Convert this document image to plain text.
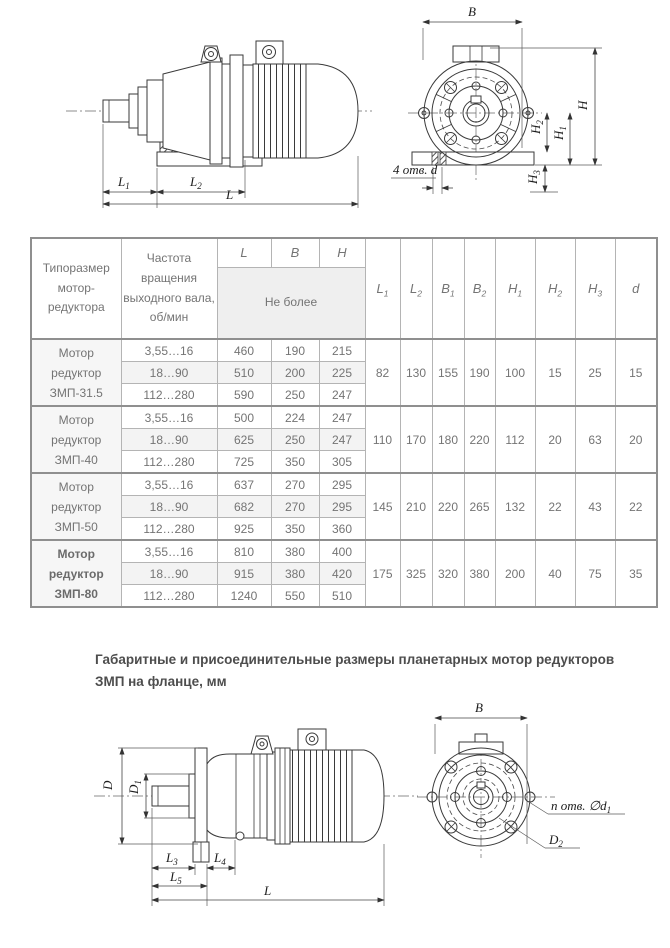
$L_1$	$L_2$
L
B
H
$H_1$
$H_2$
$H_3$
4 отв. d
Типоразмер мотор-редуктора	Частота вращения выходного вала, об/мин	L	B	H	$L_1$	$L_2$	$B_1$	$B_2$	$H_1$	$H_2$	$H_3$	d
		Не более										
Мотор редуктор ЗМП-31.5	3,55…16	460	190	215	82	130	155	190	100	15	25	15
	18…90	510	200	225								
	112…280	590	250	247								
Мотор редуктор ЗМП-40	3,55…16	500	224	247	110	170	180	220	112	20	63	20
	18…90	625	250	247								
	112…280	725	350	305								
Мотор редуктор ЗМП-50	3,55…16	637	270	295	145	210	220	265	132	22	43	22
	18…90	682	270	295								
	112…280	925	350	360								
Мотор редуктор ЗМП-80	3,55…16	810	380	400	175	325	320	380	200	40	75	35
	18…90	915	380	420								
	112…280	1240	550	510								
Габаритные и присоединительные размеры планетарных мотор редукторов ЗМП на фланце, мм
D $D_1$
$L_3$	$L_4$
$L_5$
L
B
n отв. $\emptyset d_1$
$D_2$
